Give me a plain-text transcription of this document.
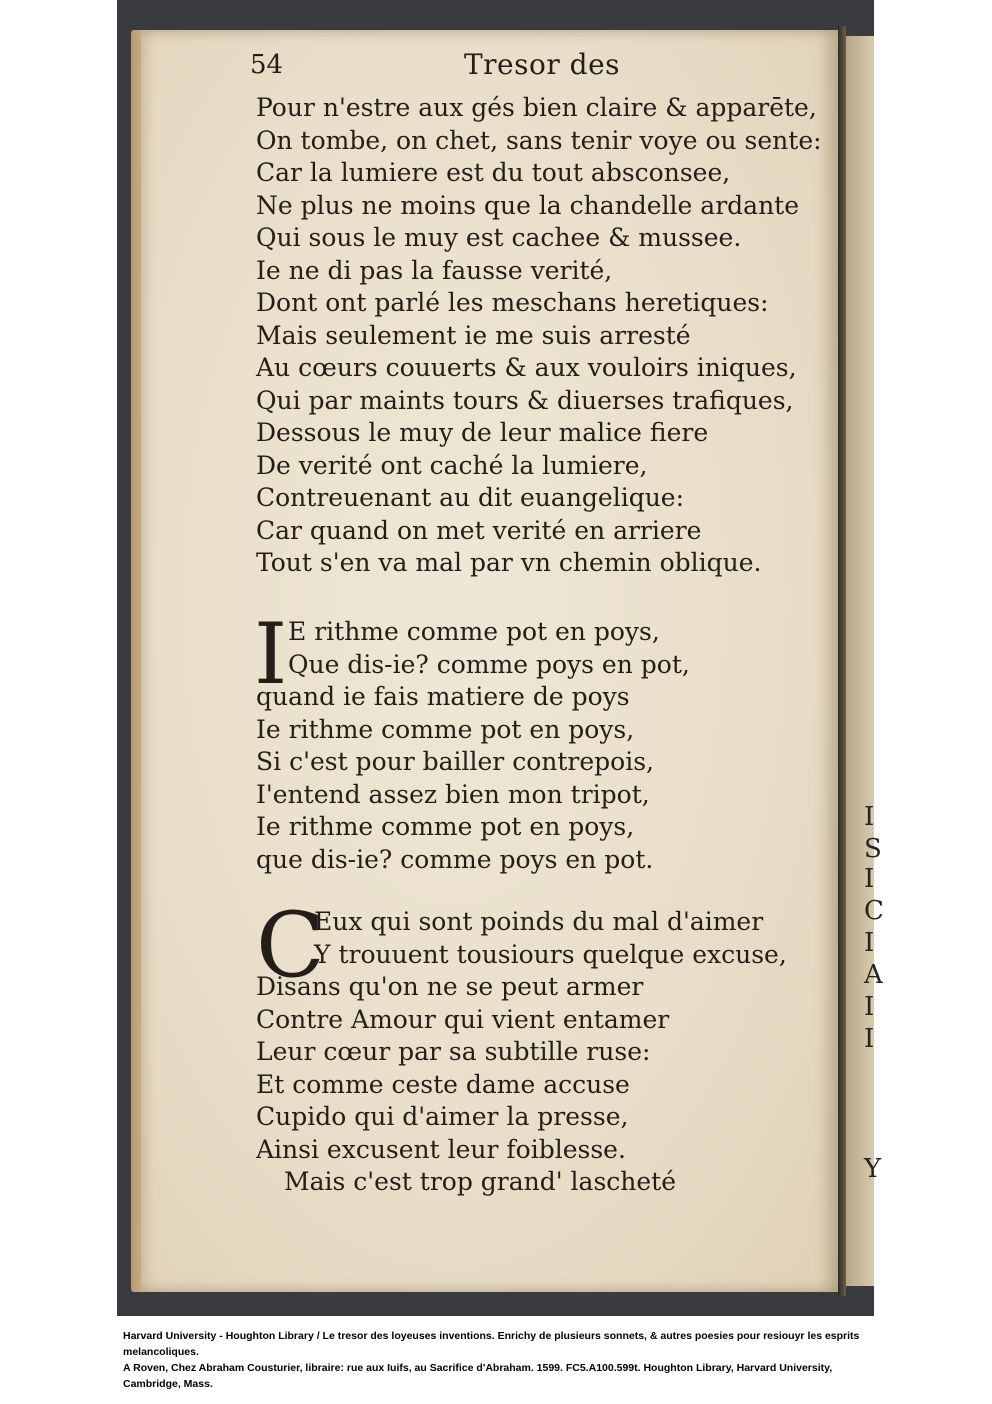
I
S
I
C
I
A
I
I
Y
54	Tresor des
Pour n'estre aux gés bien claire & apparēte,
On tombe, on chet, sans tenir voye ou sente:
Car la lumiere est du tout absconsee,
Ne plus ne moins que la chandelle ardante
Qui sous le muy est cachee & mussee.
Ie ne di pas la fausse verité,
Dont ont parlé les meschans heretiques:
Mais seulement ie me suis arresté
Au cœurs couuerts & aux vouloirs iniques,
Qui par maints tours & diuerses trafiques,
Dessous le muy de leur malice fiere
De verité ont caché la lumiere,
Contreuenant au dit euangelique:
Car quand on met verité en arriere
Tout s'en va mal par vn chemin oblique.
I E rithme comme pot en poys,
Que dis-ie? comme poys en pot,
quand ie fais matiere de poys
Ie rithme comme pot en poys,
Si c'est pour bailler contrepois,
I'entend assez bien mon tripot,
Ie rithme comme pot en poys,
que dis-ie? comme poys en pot.
C
Eux qui sont poinds du mal d'aimer
Y trouuent tousiours quelque excuse,
Disans qu'on ne se peut armer
Contre Amour qui vient entamer
Leur cœur par sa subtille ruse:
Et comme ceste dame accuse
Cupido qui d'aimer la presse,
Ainsi excusent leur foiblesse.
Mais c'est trop grand' lascheté
Harvard University - Houghton Library / Le tresor des loyeuses inventions. Enrichy de plusieurs sonnets, & autres poesies pour resiouyr les esprits melancoliques.
A Roven, Chez Abraham Cousturier, libraire: rue aux Iuifs, au Sacrifice d'Abraham. 1599. FC5.A100.599t. Houghton Library, Harvard University, Cambridge, Mass.
